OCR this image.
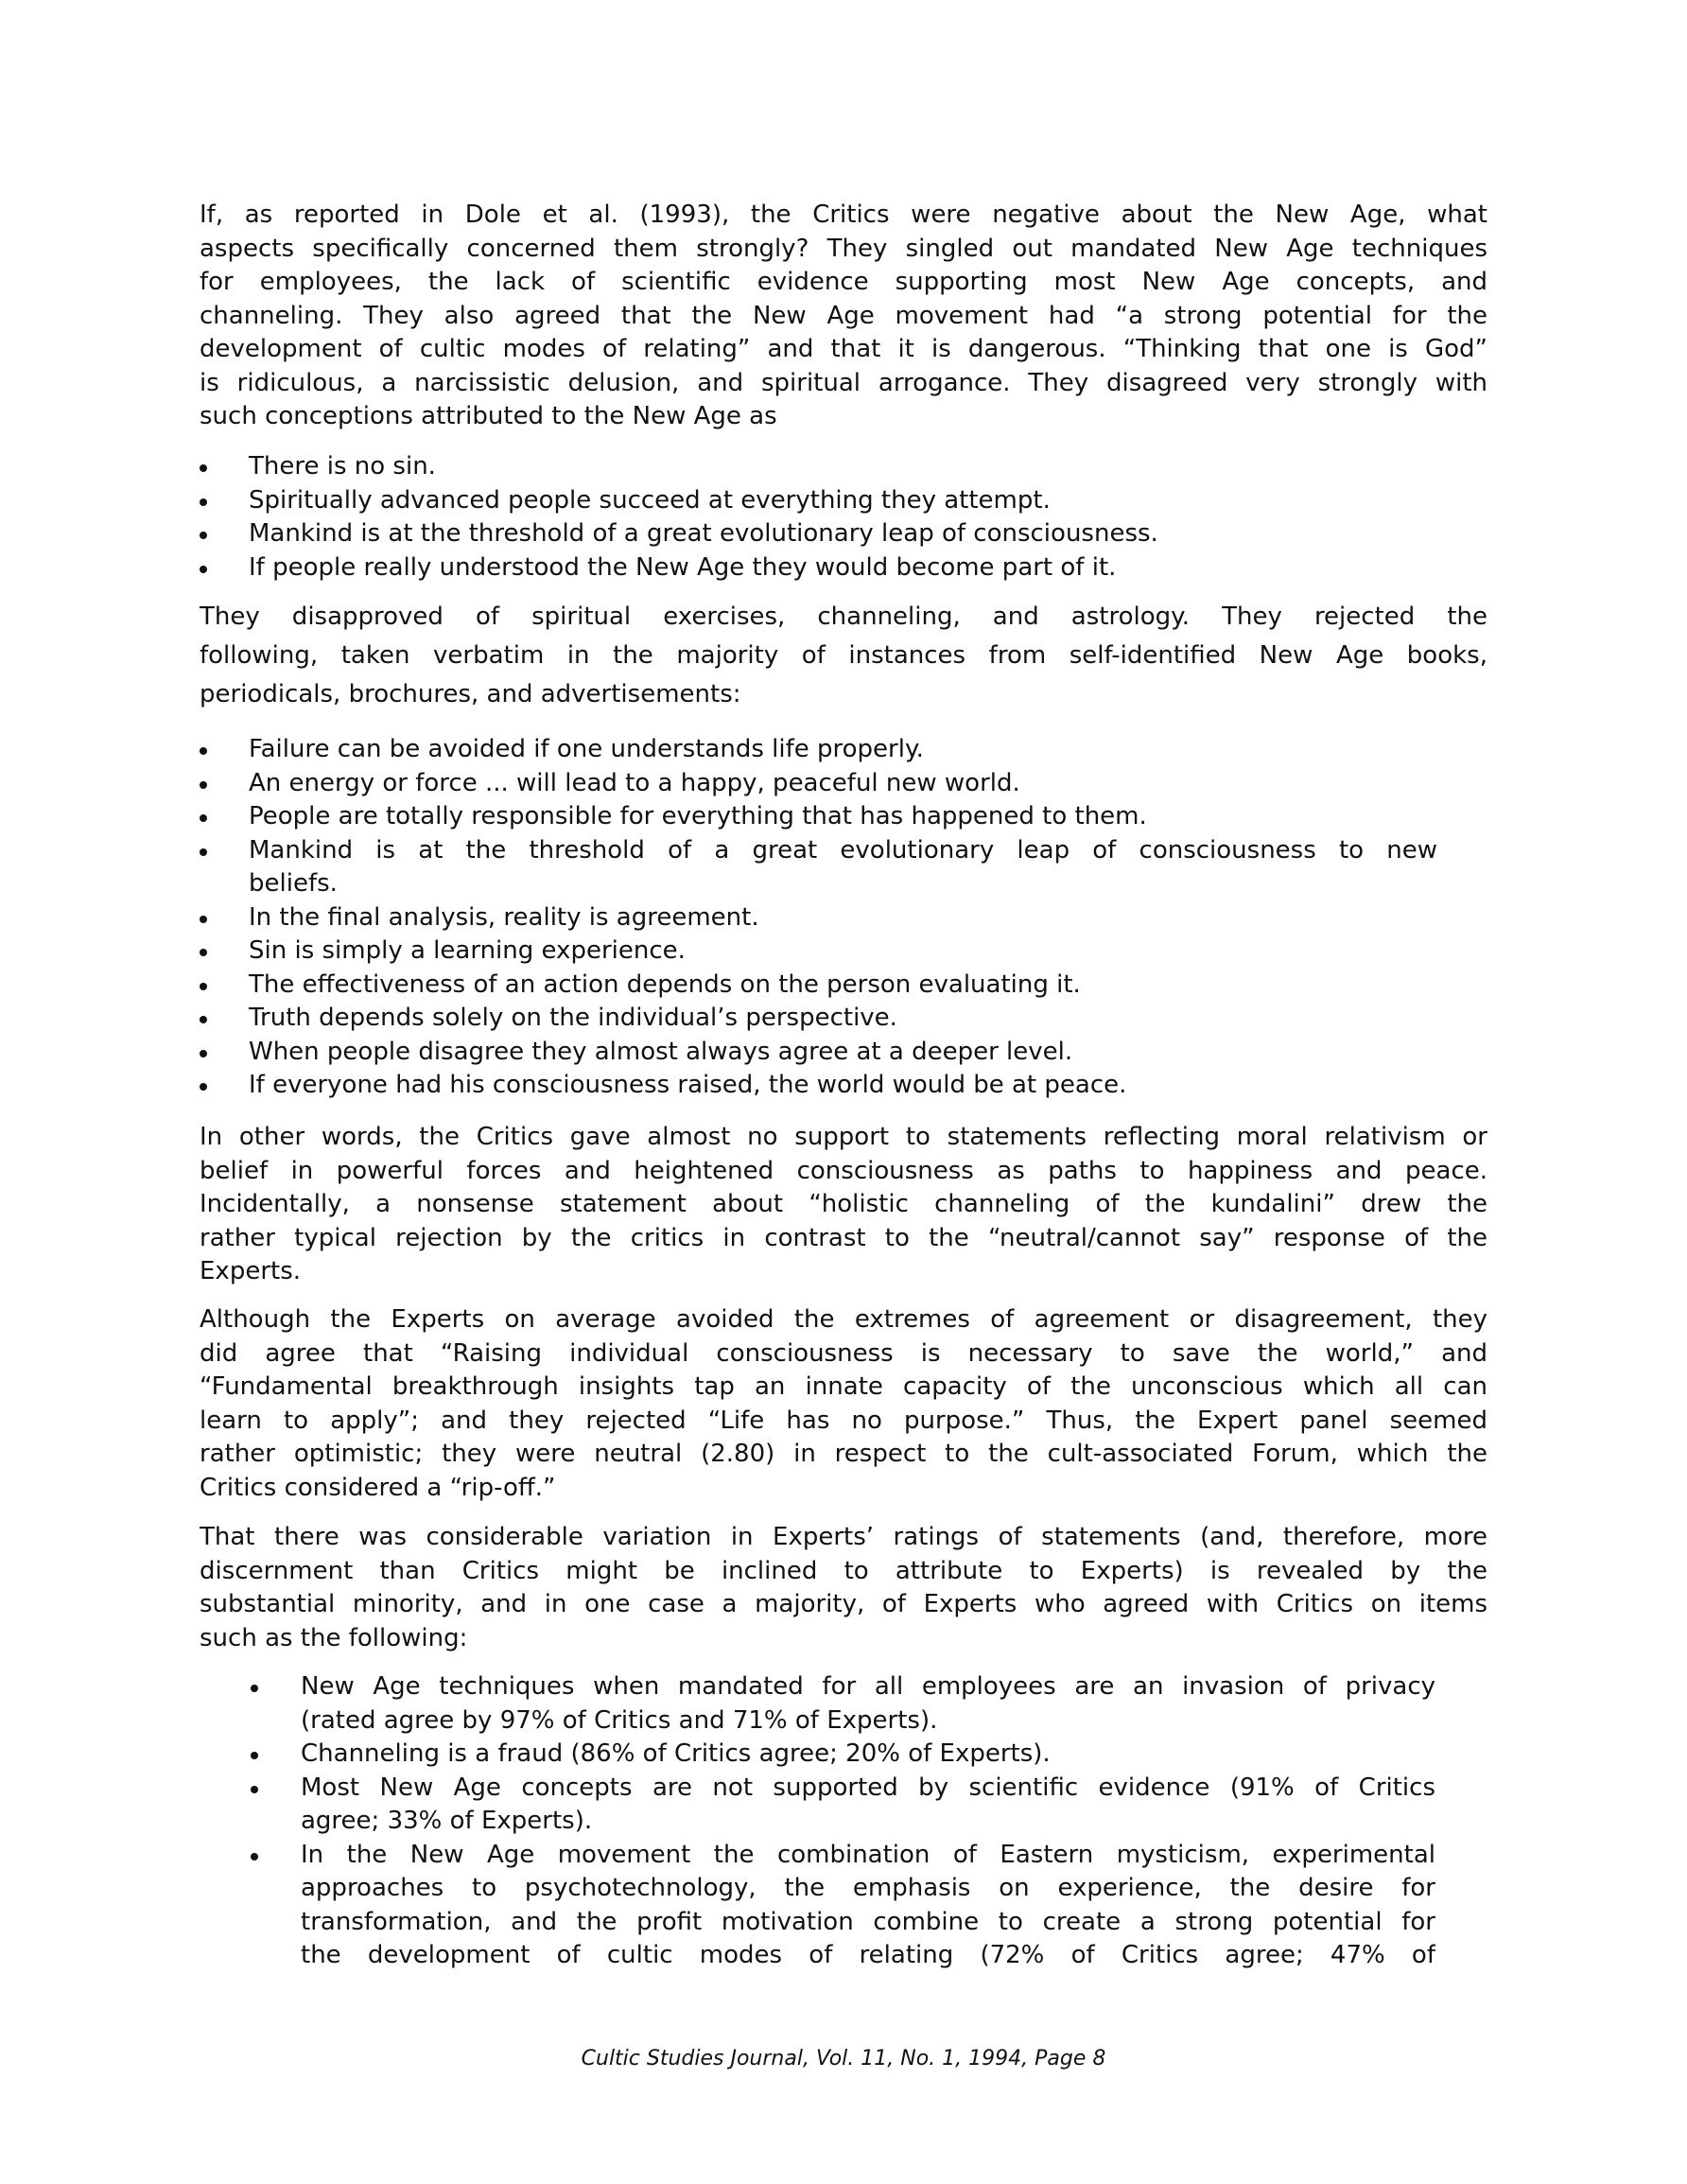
If, as reported in Dole et al. (1993), the Critics were negative about the New Age, what
aspects specifically concerned them strongly? They singled out mandated New Age techniques
for employees, the lack of scientific evidence supporting most New Age concepts, and
channeling. They also agreed that the New Age movement had “a strong potential for the
development of cultic modes of relating” and that it is dangerous. “Thinking that one is God”
is ridiculous, a narcissistic delusion, and spiritual arrogance. They disagreed very strongly with
such conceptions attributed to the New Age as
They disapproved of spiritual exercises, channeling, and astrology. They rejected the
following, taken verbatim in the majority of instances from self-identified New Age books,
periodicals, brochures, and advertisements:
In other words, the Critics gave almost no support to statements reflecting moral relativism or
belief in powerful forces and heightened consciousness as paths to happiness and peace.
Incidentally, a nonsense statement about “holistic channeling of the kundalini” drew the
rather typical rejection by the critics in contrast to the “neutral/cannot say” response of the
Experts.
Although the Experts on average avoided the extremes of agreement or disagreement, they
did agree that “Raising individual consciousness is necessary to save the world,” and
“Fundamental breakthrough insights tap an innate capacity of the unconscious which all can
learn to apply”; and they rejected “Life has no purpose.” Thus, the Expert panel seemed
rather optimistic; they were neutral (2.80) in respect to the cult-associated Forum, which the
Critics considered a “rip-off.”
That there was considerable variation in Experts’ ratings of statements (and, therefore, more
discernment than Critics might be inclined to attribute to Experts) is revealed by the
substantial minority, and in one case a majority, of Experts who agreed with Critics on items
such as the following:
There is no sin.
Spiritually advanced people succeed at everything they attempt.
Mankind is at the threshold of a great evolutionary leap of consciousness.
If people really understood the New Age they would become part of it.
Failure can be avoided if one understands life properly.
An energy or force ... will lead to a happy, peaceful new world.
People are totally responsible for everything that has happened to them.
Mankind is at the threshold of a great evolutionary leap of consciousness to new
beliefs.
In the final analysis, reality is agreement.
Sin is simply a learning experience.
The effectiveness of an action depends on the person evaluating it.
Truth depends solely on the individual’s perspective.
When people disagree they almost always agree at a deeper level.
If everyone had his consciousness raised, the world would be at peace.
New Age techniques when mandated for all employees are an invasion of privacy
(rated agree by 97% of Critics and 71% of Experts).
Channeling is a fraud (86% of Critics agree; 20% of Experts).
Most New Age concepts are not supported by scientific evidence (91% of Critics
agree; 33% of Experts).
In the New Age movement the combination of Eastern mysticism, experimental
approaches to psychotechnology, the emphasis on experience, the desire for
transformation, and the profit motivation combine to create a strong potential for
the development of cultic modes of relating (72% of Critics agree; 47% of
Cultic Studies Journal, Vol. 11, No. 1, 1994, Page 8
